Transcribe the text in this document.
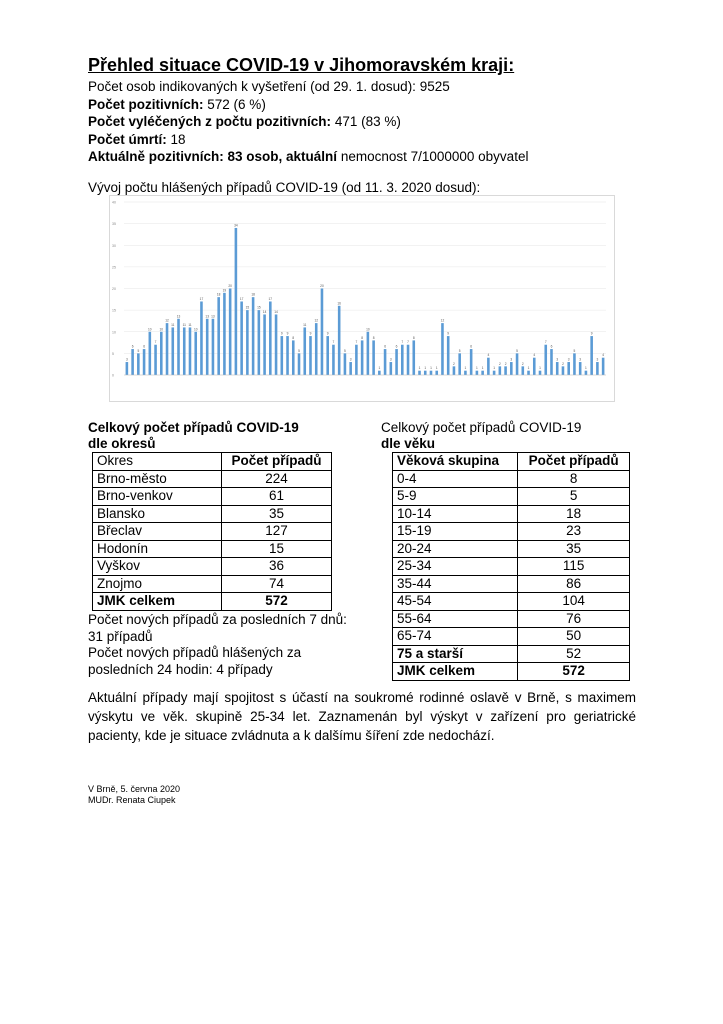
Přehled situace COVID-19 v Jihomoravském kraji:
Počet osob indikovaných k vyšetření (od 29. 1. dosud): 9525
Počet pozitivních: 572 (6 %)
Počet vyléčených z počtu pozitivních: 471 (83 %)
Počet úmrtí: 18
Aktuálně pozitivních: 83 osob, aktuální nemocnost 7/1000000 obyvatel
Vývoj počtu hlášených případů COVID-19 (od 11. 3. 2020 dosud):
0
5
10
15
20
25
30
35
40
3
6
5
6
10
7
10
12
11
13
11 11
10
17
13 13
18
19
20
34
17
15
18
15
14
17
14
9 9
8
5
11
9
12
20
9
7
16
5
3
7
8
10
8
1
6
3
6
7 7
8
1 1 1 1
12
9
2
5
1
6
1 1
4
1
2 2
3
5
2
1
4
1
7
6
3
2
3
5
3
1
9
3
4
Celkový počet případů COVID-19
dle okresů
Okres	Počet případů
Brno-město	224
Brno-venkov	61
Blansko	35
Břeclav	127
Hodonín	15
Vyškov	36
Znojmo	74
JMK celkem	572

Počet nových případů za posledních 7 dnů: 31 případů

Počet nových případů hlášených za posledních 24 hodin: 4 případy

Celkový počet případů COVID-19
dle věku
Věková skupina	Počet případů
0-4	8
5-9	5
10-14	18
15-19	23
20-24	35
25-34	115
35-44	86
45-54	104
55-64	76
65-74	50
75 a starší	52
JMK celkem	572
Aktuální případy mají spojitost s účastí na soukromé rodinné oslavě v Brně, s maximem výskytu ve věk. skupině 25-34 let. Zaznamenán byl výskyt v zařízení pro geriatrické pacienty, kde je situace zvládnuta a k dalšímu šíření zde nedochází.
V Brně, 5. června 2020
MUDr. Renata Ciupek
